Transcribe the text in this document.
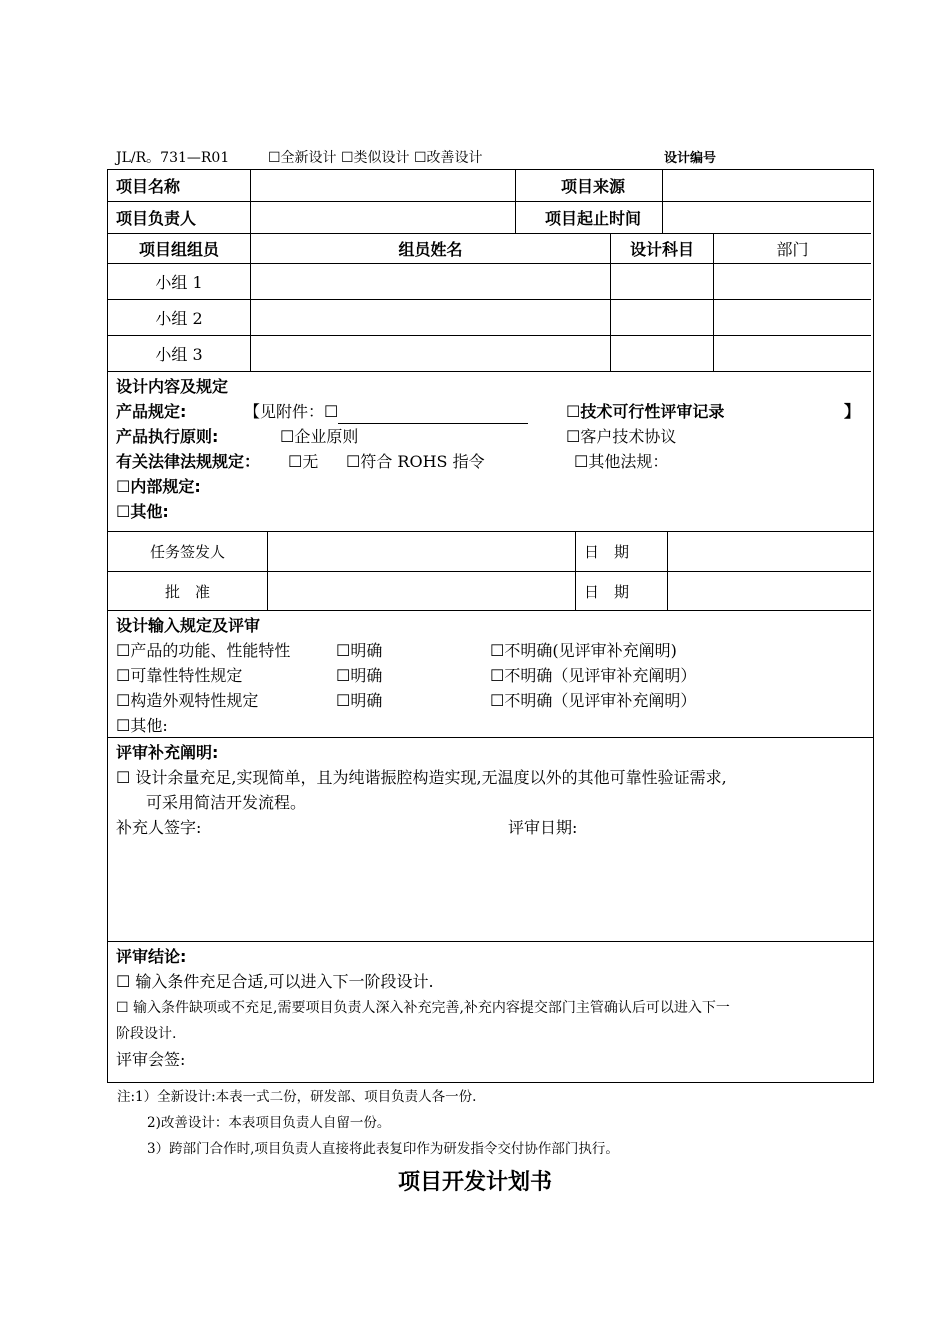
JL/R。731—R01	☐全新设计 ☐类似设计 ☐改善设计	设计编号
项目名称	项目来源
项目负责人	项目起止时间
项目组组员	组员姓名	设计科目	部门
小组 1
小组 2
小组 3
设计内容及规定
产品规定:	【见附件：☐	☐技术可行性评审记录	】
产品执行原则:	☐企业原则	☐客户技术协议
有关法律法规规定： ☐无 ☐符合 ROHS 指令	☐其他法规：
☐内部规定:
☐其他:
任务签发人	日　期
批　准	日　期
设计输入规定及评审
☐产品的功能、性能特性	☐明确	☐不明确(见评审补充阐明)
☐可靠性特性规定	☐明确	☐不明确（见评审补充阐明）
☐构造外观特性规定	☐明确	☐不明确（见评审补充阐明）
☐其他:
评审补充阐明:
☐ 设计余量充足,实现简单，且为纯谐振腔构造实现,无温度以外的其他可靠性验证需求,
可采用简洁开发流程。
补充人签字:	评审日期:
评审结论:
☐ 输入条件充足合适,可以进入下一阶段设计.
☐ 输入条件缺项或不充足,需要项目负责人深入补充完善,补充内容提交部门主管确认后可以进入下一
阶段设计.
评审会签:
注:1）全新设计:本表一式二份，研发部、项目负责人各一份.
2)改善设计：本表项目负责人自留一份。
3）跨部门合作时,项目负责人直接将此表复印作为研发指令交付协作部门执行。
项目开发计划书
